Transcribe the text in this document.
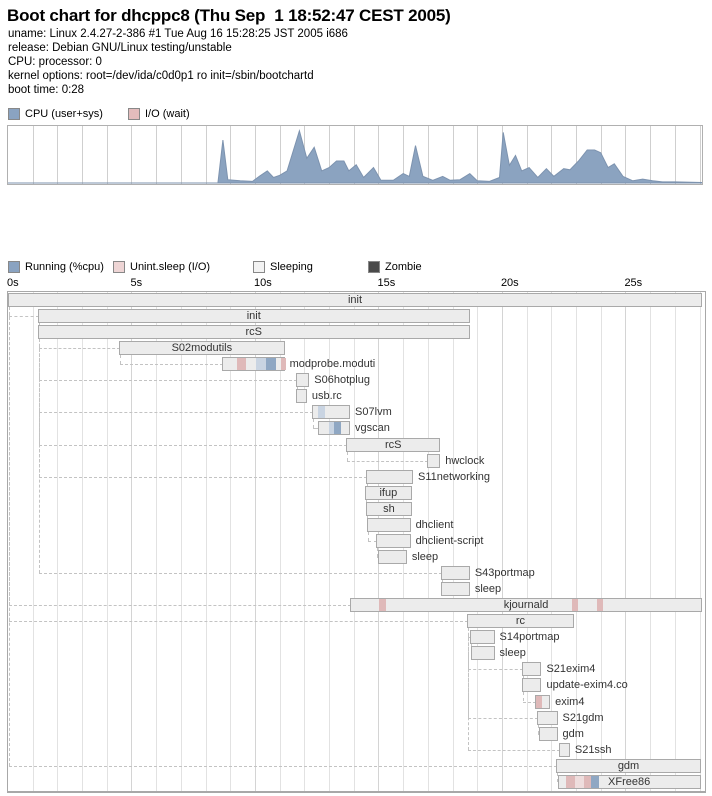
Boot chart for dhcppc8 (Thu Sep  1 18:52:47 CEST 2005)
uname: Linux 2.4.27-2-386 #1 Tue Aug 16 15:28:25 JST 2005 i686
release: Debian GNU/Linux testing/unstable
CPU: processor: 0
kernel options: root=/dev/ida/c0d0p1 ro init=/sbin/bootchartd
boot time: 0:28
CPU (user+sys)	I/O (wait)
Running (%cpu) Unint.sleep (I/O)	Sleeping	Zombie
0s	5s	10s	15s	20s	25s
init
init
rcS
S02modutils
modprobe.moduti
S06hotplug
usb.rc
S07lvm
vgscan
rcS
hwclock
S11networking
ifup
sh
dhclient
dhclient-script
sleep
S43portmap
sleep
kjournald
rc
S14portmap
sleep
S21exim4
update-exim4.co
exim4
S21gdm
gdm
S21ssh
gdm
XFree86
